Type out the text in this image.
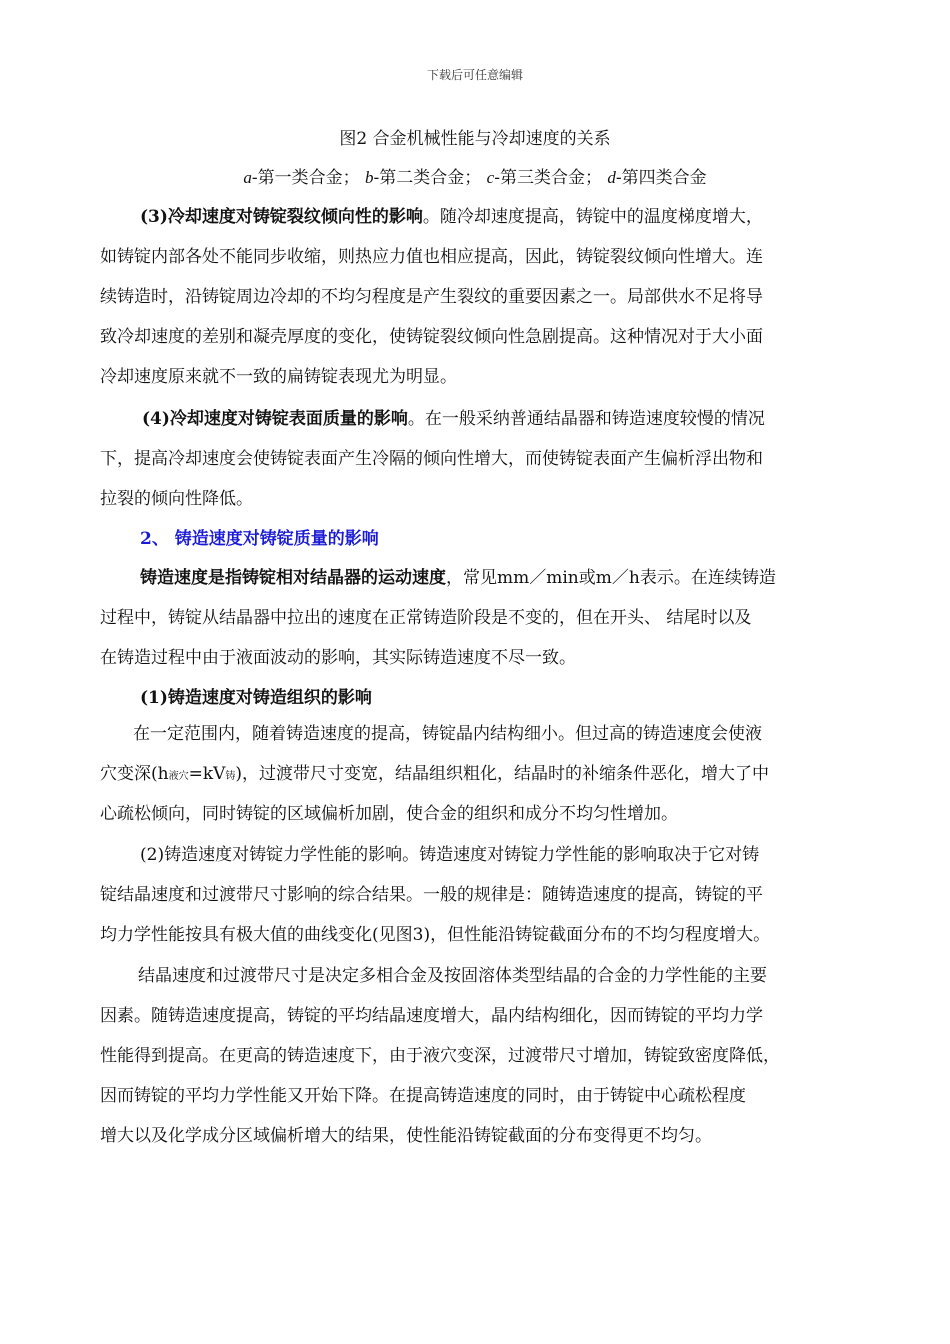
下载后可任意编辑
图2 合金机械性能与冷却速度的关系
a-第一类合金； b-第二类合金； c-第三类合金； d-第四类合金
(3)冷却速度对铸锭裂纹倾向性的影响。随冷却速度提高，铸锭中的温度梯度增大，
如铸锭内部各处不能同步收缩，则热应力值也相应提高，因此，铸锭裂纹倾向性增大。连
续铸造时，沿铸锭周边冷却的不均匀程度是产生裂纹的重要因素之一。局部供水不足将导
致冷却速度的差别和凝壳厚度的变化，使铸锭裂纹倾向性急剧提高。这种情况对于大小面
冷却速度原来就不一致的扁铸锭表现尤为明显。
(4)冷却速度对铸锭表面质量的影响。在一般采纳普通结晶器和铸造速度较慢的情况
下，提高冷却速度会使铸锭表面产生冷隔的倾向性增大，而使铸锭表面产生偏析浮出物和
拉裂的倾向性降低。
2、 铸造速度对铸锭质量的影响
铸造速度是指铸锭相对结晶器的运动速度，常见mm／min或m／h表示。在连续铸造
过程中，铸锭从结晶器中拉出的速度在正常铸造阶段是不变的，但在开头、 结尾时以及
在铸造过程中由于液面波动的影响，其实际铸造速度不尽一致。
(1)铸造速度对铸造组织的影响
在一定范围内，随着铸造速度的提高，铸锭晶内结构细小。但过高的铸造速度会使液
穴变深(h液穴=kV铸)，过渡带尺寸变宽，结晶组织粗化，结晶时的补缩条件恶化，增大了中
心疏松倾向，同时铸锭的区域偏析加剧，使合金的组织和成分不均匀性增加。
(2)铸造速度对铸锭力学性能的影响。铸造速度对铸锭力学性能的影响取决于它对铸
锭结晶速度和过渡带尺寸影响的综合结果。一般的规律是：随铸造速度的提高，铸锭的平
均力学性能按具有极大值的曲线变化(见图3)，但性能沿铸锭截面分布的不均匀程度增大。
结晶速度和过渡带尺寸是决定多相合金及按固溶体类型结晶的合金的力学性能的主要
因素。随铸造速度提高，铸锭的平均结晶速度增大，晶内结构细化，因而铸锭的平均力学
性能得到提高。在更高的铸造速度下，由于液穴变深，过渡带尺寸增加，铸锭致密度降低，
因而铸锭的平均力学性能又开始下降。在提高铸造速度的同时，由于铸锭中心疏松程度
增大以及化学成分区域偏析增大的结果，使性能沿铸锭截面的分布变得更不均匀。
